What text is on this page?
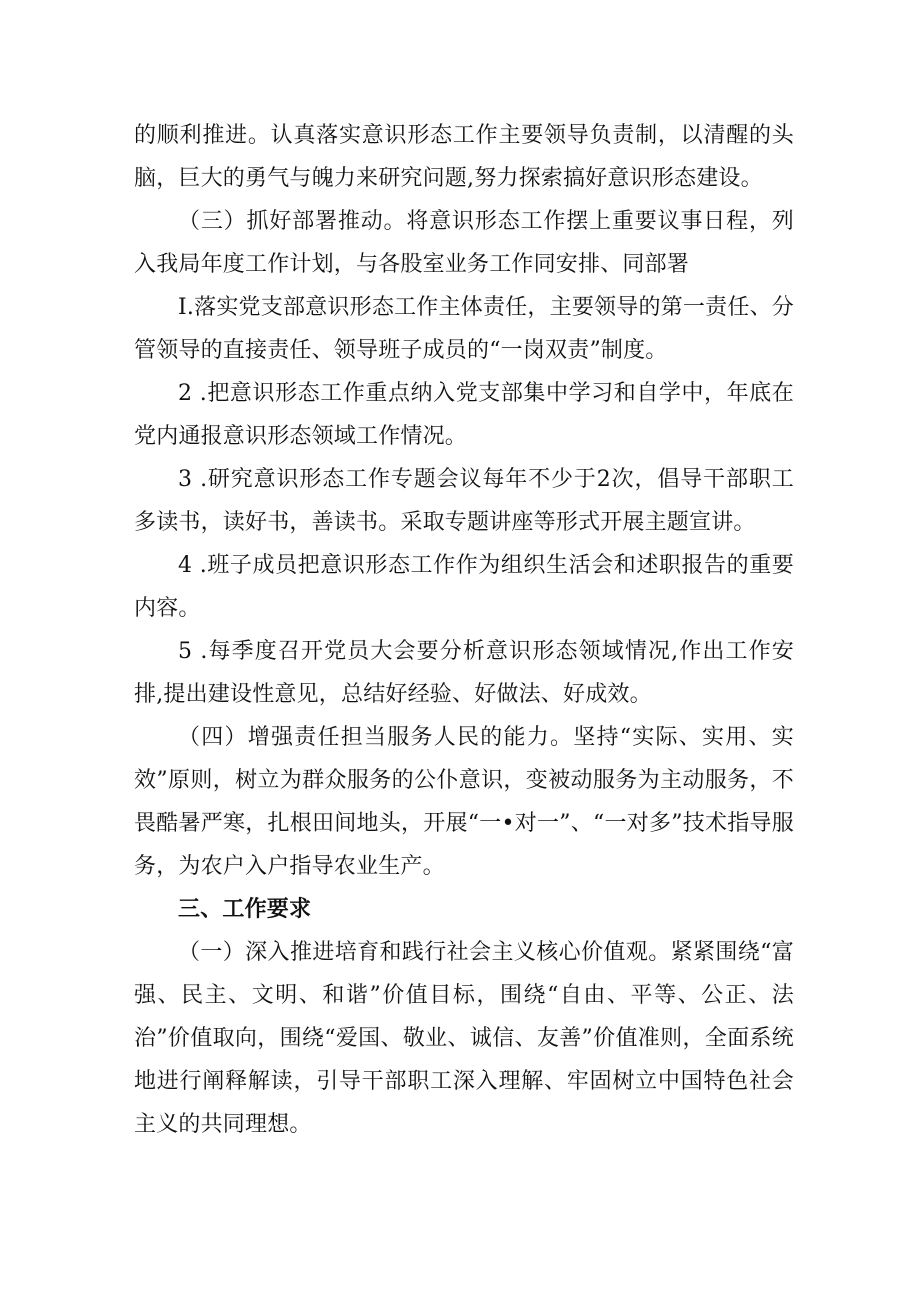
的顺利推进。认真落实意识形态工作主要领导负责制，以清醒的头脑，巨大的勇气与魄力来研究问题,努力探索搞好意识形态建设。

（三）抓好部署推动。将意识形态工作摆上重要议事日程，列入我局年度工作计划，与各股室业务工作同安排、同部署

I.落实党支部意识形态工作主体责任，主要领导的第一责任、分管领导的直接责任、领导班子成员的“一岗双责”制度。

2 .把意识形态工作重点纳入党支部集中学习和自学中，年底在党内通报意识形态领域工作情况。

3 .研究意识形态工作专题会议每年不少于2次，倡导干部职工多读书，读好书，善读书。采取专题讲座等形式开展主题宣讲。

4 .班子成员把意识形态工作作为组织生活会和述职报告的重要内容。

5 .每季度召开党员大会要分析意识形态领域情况,作出工作安排,提出建设性意见，总结好经验、好做法、好成效。

（四）增强责任担当服务人民的能力。坚持“实际、实用、实效”原则，树立为群众服务的公仆意识，变被动服务为主动服务，不畏酷暑严寒，扎根田间地头，开展“一•对一”、“一对多”技术指导服务，为农户入户指导农业生产。

三、工作要求

（一）深入推进培育和践行社会主义核心价值观。紧紧围绕“富强、民主、文明、和谐”价值目标，围绕“自由、平等、公正、法治”价值取向，围绕“爱国、敬业、诚信、友善”价值准则，全面系统地进行阐释解读，引导干部职工深入理解、牢固树立中国特色社会主义的共同理想。
